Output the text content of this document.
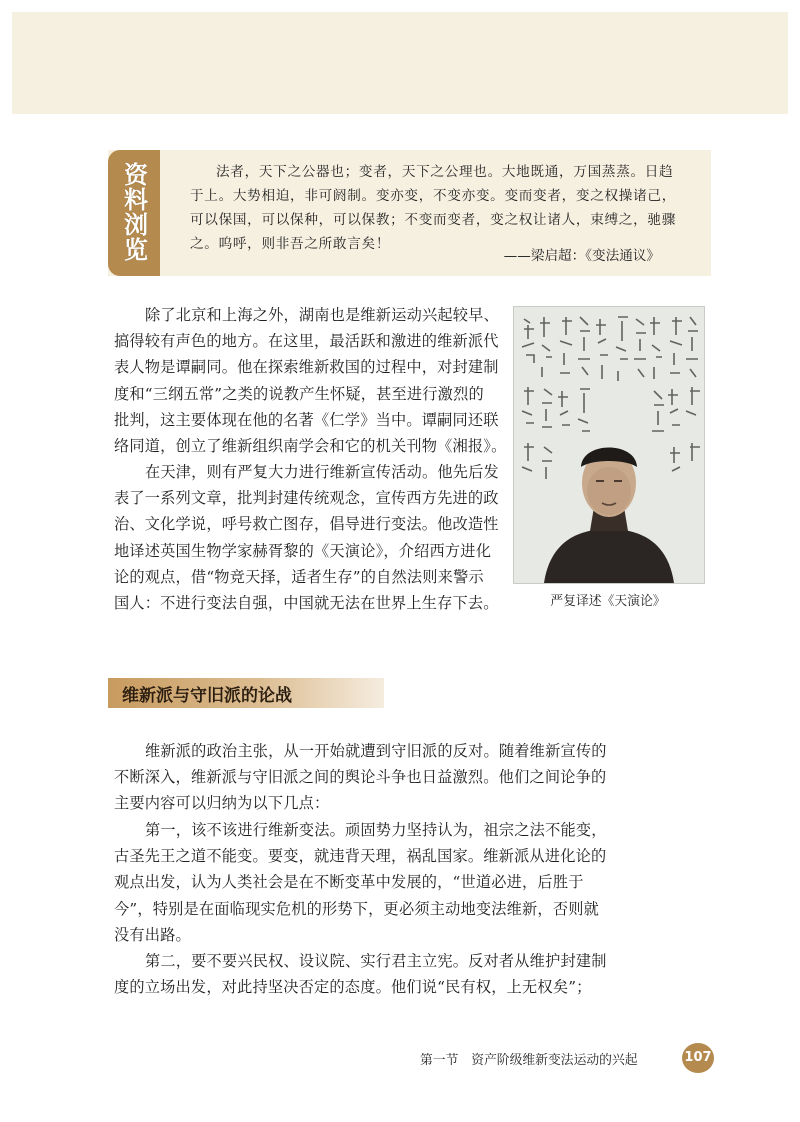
资料浏览	法者，天下之公器也；变者，天下之公理也。大地既通，万国蒸蒸。日趋
于上。大势相迫，非可阏制。变亦变，不变亦变。变而变者，变之权操诸己，
可以保国，可以保种，可以保教；不变而变者，变之权让诸人，束缚之，驰骤
之。呜呼，则非吾之所敢言矣！
——梁启超：《变法通议》
除了北京和上海之外，湖南也是维新运动兴起较早、
搞得较有声色的地方。在这里，最活跃和激进的维新派代
表人物是谭嗣同。他在探索维新救国的过程中，对封建制
度和“三纲五常”之类的说教产生怀疑，甚至进行激烈的
批判，这主要体现在他的名著《仁学》当中。谭嗣同还联
络同道，创立了维新组织南学会和它的机关刊物《湘报》。
在天津，则有严复大力进行维新宣传活动。他先后发
表了一系列文章，批判封建传统观念，宣传西方先进的政
治、文化学说，呼号救亡图存，倡导进行变法。他改造性
地译述英国生物学家赫胥黎的《天演论》，介绍西方进化
论的观点，借“物竞天择，适者生存”的自然法则来警示
国人：不进行变法自强，中国就无法在世界上生存下去。	严复译述《天演论》
维新派与守旧派的论战
维新派的政治主张，从一开始就遭到守旧派的反对。随着维新宣传的
不断深入，维新派与守旧派之间的舆论斗争也日益激烈。他们之间论争的
主要内容可以归纳为以下几点：
第一，该不该进行维新变法。顽固势力坚持认为，祖宗之法不能变，
古圣先王之道不能变。要变，就违背天理，祸乱国家。维新派从进化论的
观点出发，认为人类社会是在不断变革中发展的，“世道必进，后胜于
今”，特别是在面临现实危机的形势下，更必须主动地变法维新，否则就
没有出路。
第二，要不要兴民权、设议院、实行君主立宪。反对者从维护封建制
度的立场出发，对此持坚决否定的态度。他们说“民有权，上无权矣”；
第一节　资产阶级维新变法运动的兴起	107
